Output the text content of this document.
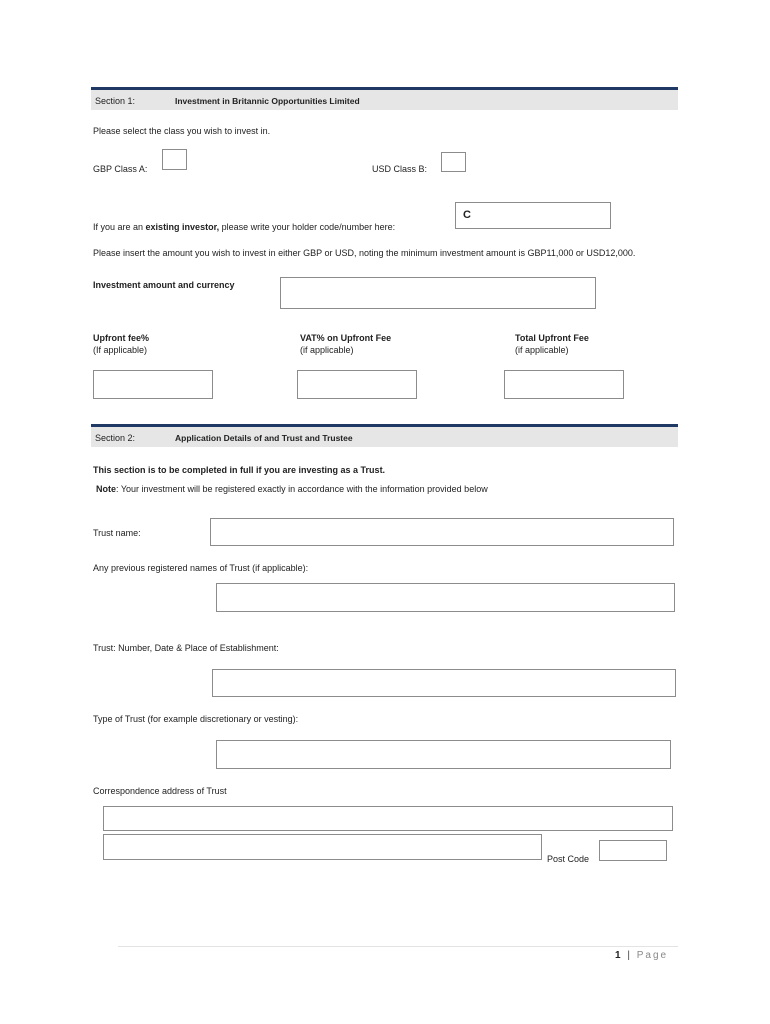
Section 1:	Investment in Britannic Opportunities Limited
Please select the class you wish to invest in.
GBP Class A:	USD Class B:
If you are an existing investor, please write your holder code/number here:
C
Please insert the amount you wish to invest in either GBP or USD, noting the minimum investment amount is GBP11,000 or USD12,000.
Investment amount and currency
Upfront fee%
(If applicable)
VAT% on Upfront Fee
(if applicable)
Total Upfront Fee
(if applicable)
Section 2:	Application Details of and Trust and Trustee
This section is to be completed in full if you are investing as a Trust.
Note: Your investment will be registered exactly in accordance with the information provided below
Trust name:
Any previous registered names of Trust (if applicable):
Trust: Number, Date & Place of Establishment:
Type of Trust (for example discretionary or vesting):
Correspondence address of Trust
Post Code
1 | Page
